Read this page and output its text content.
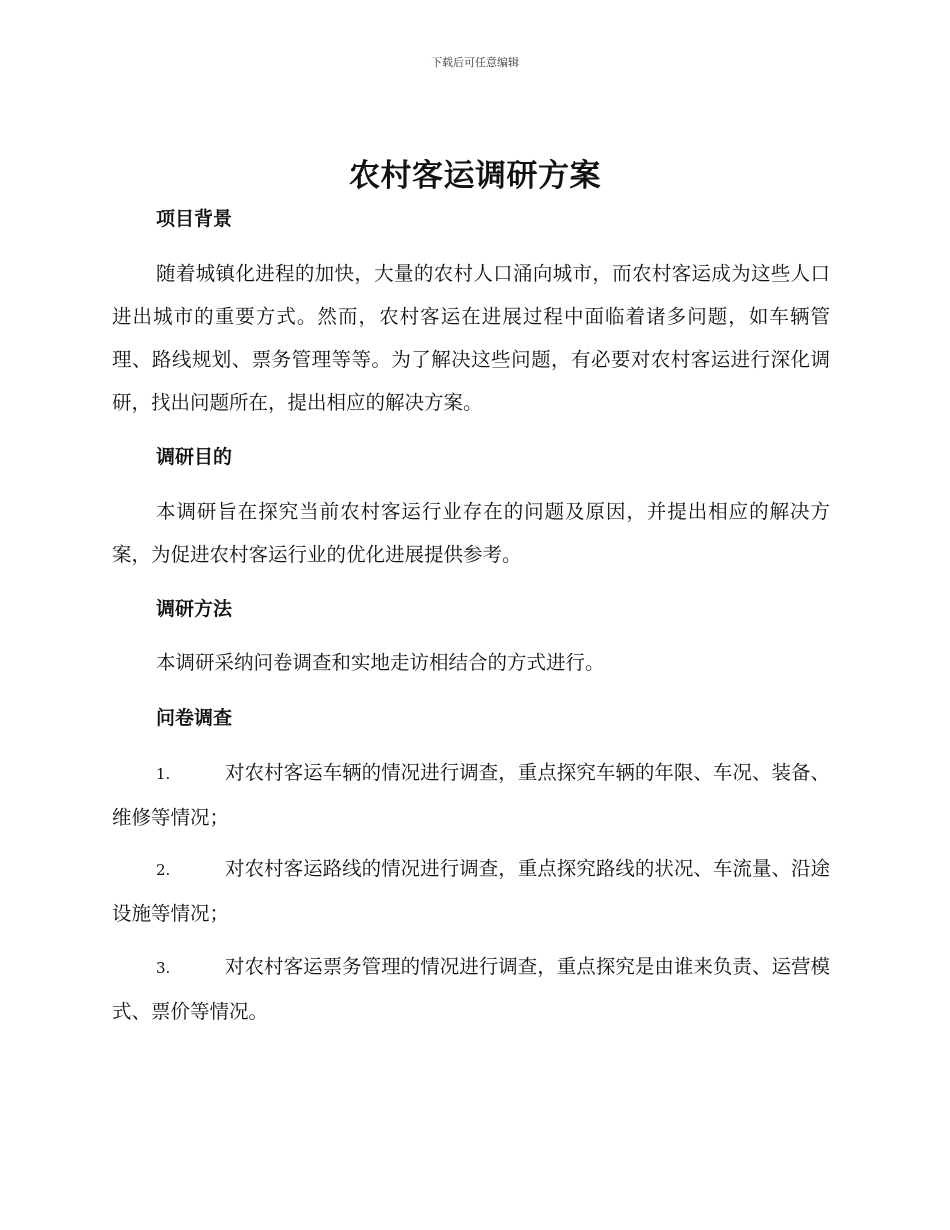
下载后可任意编辑
农村客运调研方案

项目背景

随着城镇化进程的加快，大量的农村人口涌向城市，而农村客运成为这些人口进出城市的重要方式。然而，农村客运在进展过程中面临着诸多问题，如车辆管理、路线规划、票务管理等等。为了解决这些问题，有必要对农村客运进行深化调研，找出问题所在，提出相应的解决方案。

调研目的

本调研旨在探究当前农村客运行业存在的问题及原因，并提出相应的解决方案，为促进农村客运行业的优化进展提供参考。

调研方法

本调研采纳问卷调查和实地走访相结合的方式进行。

问卷调查

1.	对农村客运车辆的情况进行调查，重点探究车辆的年限、车况、装备、维修等情况；

2.	对农村客运路线的情况进行调查，重点探究路线的状况、车流量、沿途设施等情况；

3.	对农村客运票务管理的情况进行调查，重点探究是由谁来负责、运营模式、票价等情况。
